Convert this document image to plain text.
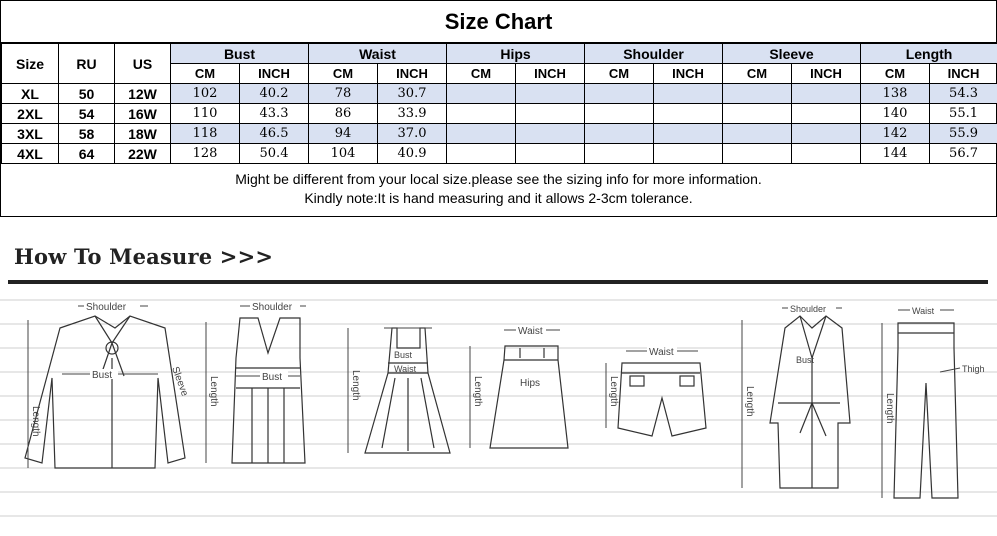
Size Chart
Size	RU	US	Bust		Waist		Hips		Shoulder		Sleeve		Length	
			CM	INCH	CM	INCH	CM	INCH	CM	INCH	CM	INCH	CM	INCH
XL	50	12W	102	40.2	78	30.7							138	54.3
2XL	54	16W	110	43.3	86	33.9							140	55.1
3XL	58	18W	118	46.5	94	37.0							142	55.9
4XL	64	22W	128	50.4	104	40.9							144	56.7
Might be different from your local size.please see the sizing info for more information.
Kindly note:It is hand measuring and it allows 2-3cm tolerance.
How To Measure >>>
Shoulder
Bust
Length
Sleeve
Shoulder
Bust
Length
Bust
Waist
Length
Waist
Hips
Length
Waist
Length
Shoulder
Bust
Length
Waist
Thigh
Length
